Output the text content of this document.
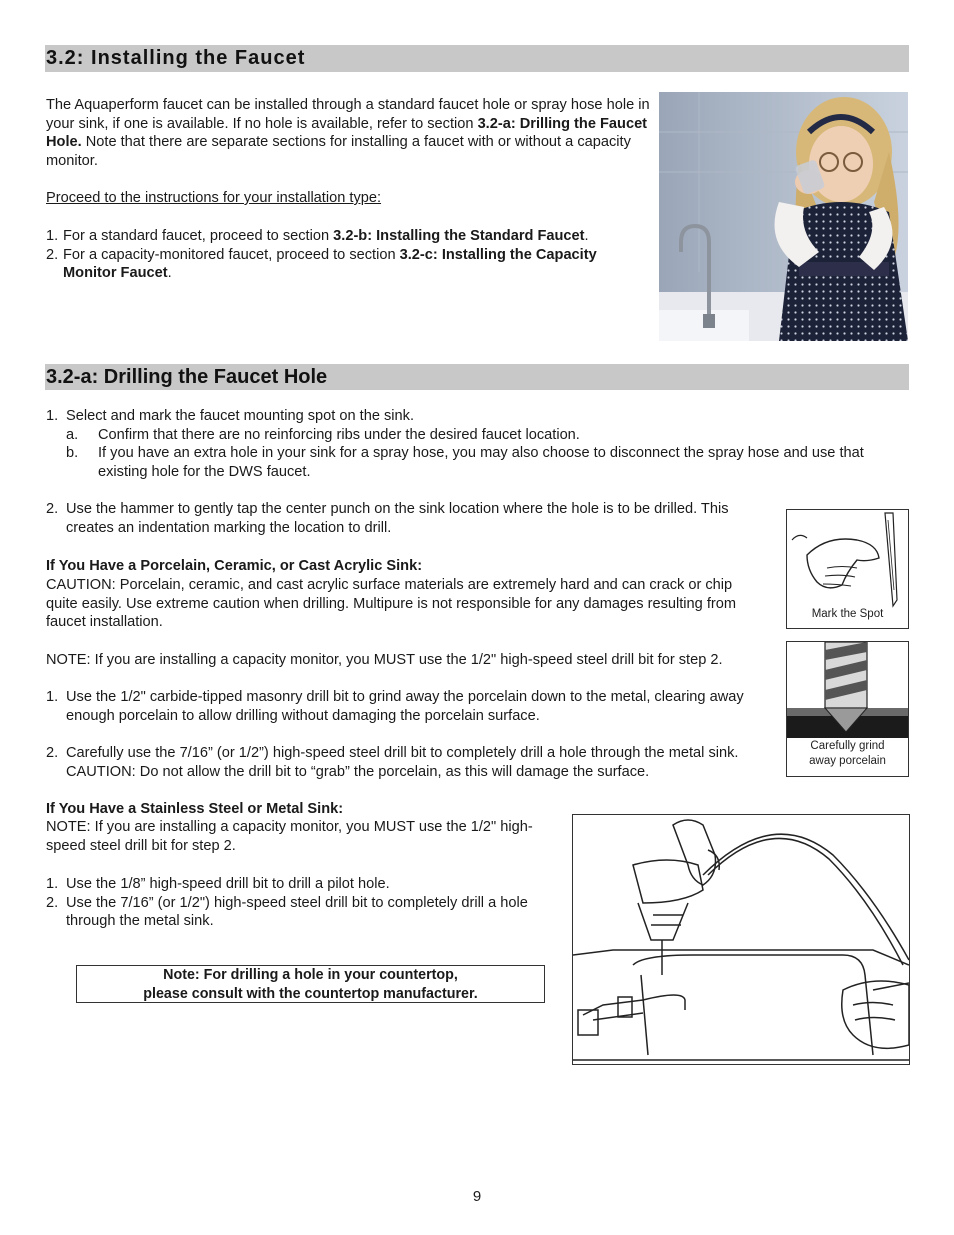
3.2: Installing the Faucet
The Aquaperform faucet can be installed through a standard faucet hole or spray hose hole in your sink, if one is available. If no hole is available, refer to section 3.2-a: Drilling the Faucet Hole. Note that there are separate sections for installing a faucet with or without a capacity monitor.
Proceed to the instructions for your installation type:
1. For a standard faucet, proceed to section 3.2-b: Installing the Standard Faucet.
2. For a capacity-monitored faucet, proceed to section 3.2-c: Installing the Capacity Monitor Faucet.
3.2-a: Drilling the Faucet Hole
1. Select and mark the faucet mounting spot on the sink.
a. Confirm that there are no reinforcing ribs under the desired faucet location.
b. If you have an extra hole in your sink for a spray hose, you may also choose to disconnect the spray hose and use that existing hole for the DWS faucet.
2. Use the hammer to gently tap the center punch on the sink location where the hole is to be drilled. This creates an indentation marking the location to drill.
If You Have a Porcelain, Ceramic, or Cast Acrylic Sink:
CAUTION: Porcelain, ceramic, and cast acrylic surface materials are extremely hard and can crack or chip quite easily. Use extreme caution when drilling. Multipure is not responsible for any damages resulting from faucet installation.
NOTE: If you are installing a capacity monitor, you MUST use the 1/2" high-speed steel drill bit for step 2.
1. Use the 1/2" carbide-tipped masonry drill bit to grind away the porcelain down to the metal, clearing away enough porcelain to allow drilling without damaging the porcelain surface.
2. Carefully use the 7/16” (or 1/2”) high-speed steel drill bit to completely drill a hole through the metal sink. CAUTION: Do not allow the drill bit to “grab” the porcelain, as this will damage the surface.
If You Have a Stainless Steel or Metal Sink:
NOTE: If you are installing a capacity monitor, you MUST use the 1/2" high-speed steel drill bit for step 2.
1. Use the 1/8” high-speed drill bit to drill a pilot hole.
2. Use the 7/16” (or 1/2") high-speed steel drill bit to completely drill a hole through the metal sink.
Note: For drilling a hole in your countertop,
please consult with the countertop manufacturer.
Mark the Spot
Carefully grind
away porcelain
9
